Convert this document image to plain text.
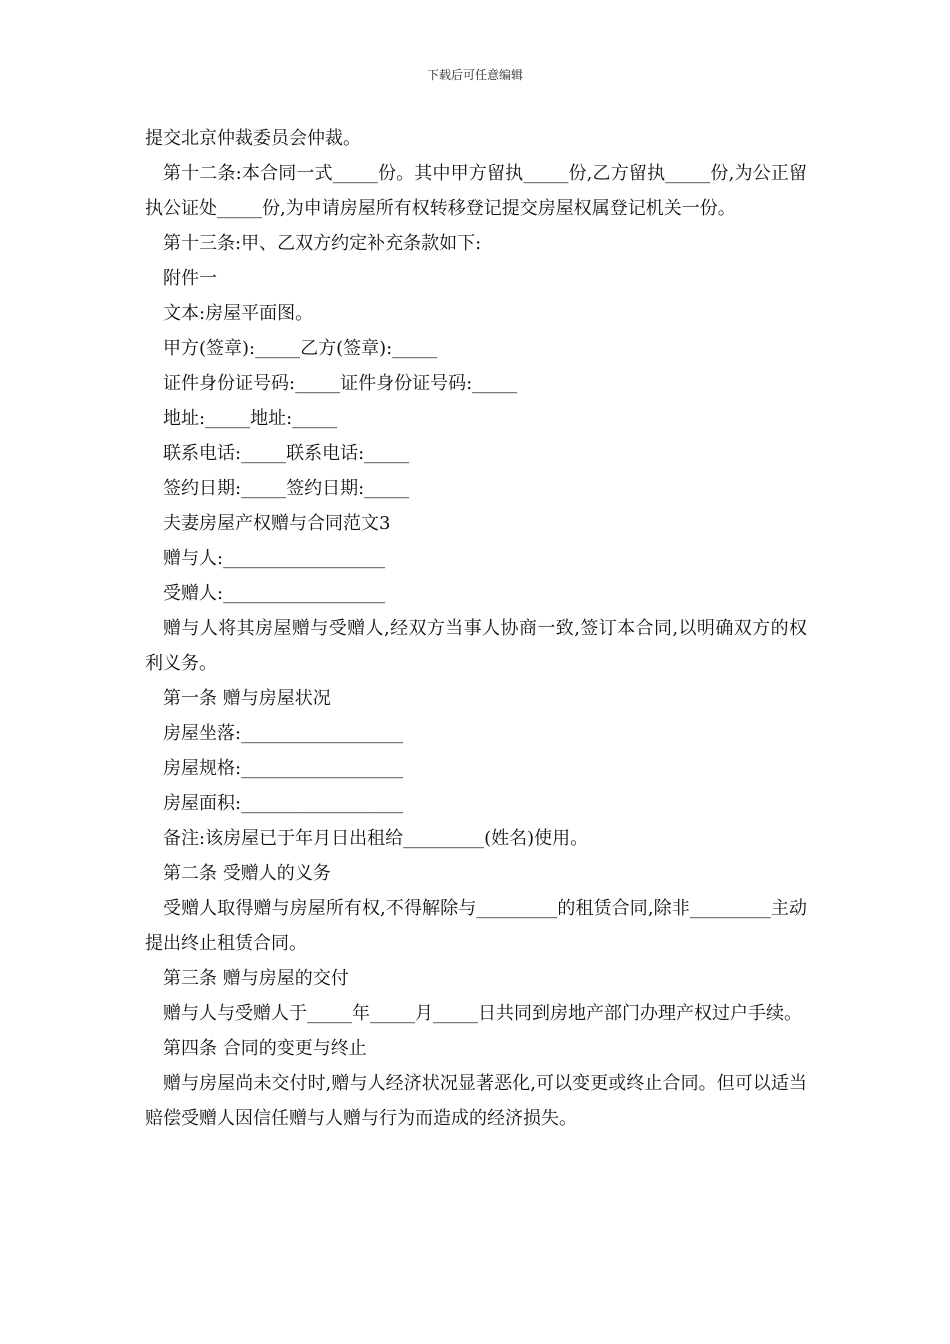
下载后可任意编辑

提交北京仲裁委员会仲裁。

第十二条:本合同一式_____份。其中甲方留执_____份,乙方留执_____份,为公正留执公证处_____份,为申请房屋所有权转移登记提交房屋权属登记机关一份。

第十三条:甲、乙双方约定补充条款如下:

附件一

文本:房屋平面图。

甲方(签章):_____乙方(签章):_____

证件身份证号码:_____证件身份证号码:_____

地址:_____地址:_____

联系电话:_____联系电话:_____

签约日期:_____签约日期:_____

夫妻房屋产权赠与合同范文3

赠与人:__________________

受赠人:__________________

赠与人将其房屋赠与受赠人,经双方当事人协商一致,签订本合同,以明确双方的权利义务。

第一条 赠与房屋状况

房屋坐落:__________________

房屋规格:__________________

房屋面积:__________________

备注:该房屋已于年月日出租给_________(姓名)使用。

第二条 受赠人的义务

受赠人取得赠与房屋所有权,不得解除与_________的租赁合同,除非_________主动提出终止租赁合同。

第三条 赠与房屋的交付

赠与人与受赠人于_____年_____月_____日共同到房地产部门办理产权过户手续。

第四条 合同的变更与终止

赠与房屋尚未交付时,赠与人经济状况显著恶化,可以变更或终止合同。但可以适当赔偿受赠人因信任赠与人赠与行为而造成的经济损失。
